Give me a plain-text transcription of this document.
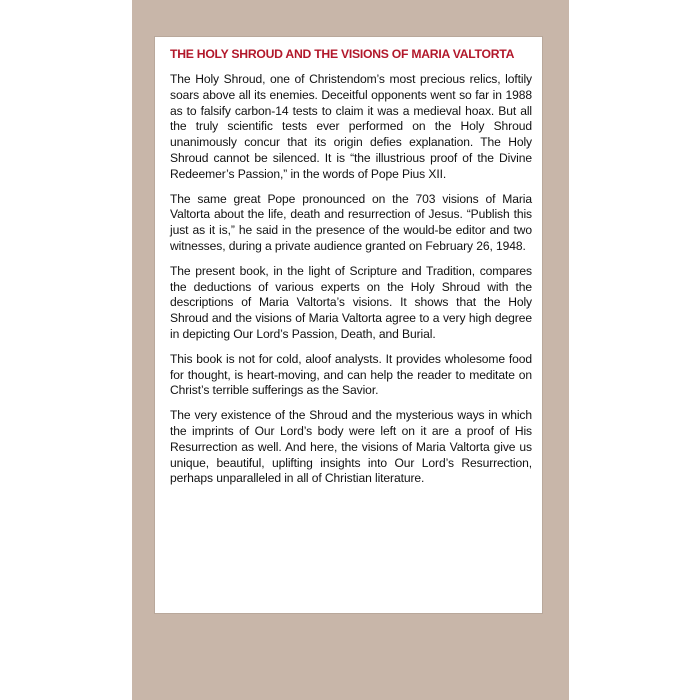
THE HOLY SHROUD AND THE VISIONS OF MARIA VALTORTA

The Holy Shroud, one of Christendom’s most precious relics, loftily soars above all its enemies. Deceitful opponents went so far in 1988 as to falsify carbon-14 tests to claim it was a medieval hoax. But all the truly scientific tests ever performed on the Holy Shroud unanimously concur that its origin defies explanation. The Holy Shroud cannot be silenced. It is “the illustrious proof of the Divine Redeemer’s Passion,” in the words of Pope Pius XII.

The same great Pope pronounced on the 703 visions of Maria Valtorta about the life, death and resurrection of Jesus. “Publish this just as it is,” he said in the presence of the would-be editor and two witnesses, during a private audience granted on February 26, 1948.

The present book, in the light of Scripture and Tradition, compares the deductions of various experts on the Holy Shroud with the descriptions of Maria Valtorta’s visions. It shows that the Holy Shroud and the visions of Maria Valtorta agree to a very high degree in depicting Our Lord’s Passion, Death, and Burial.

This book is not for cold, aloof analysts. It provides wholesome food for thought, is heart-moving, and can help the reader to meditate on Christ’s terrible sufferings as the Savior.

The very existence of the Shroud and the mysterious ways in which the imprints of Our Lord’s body were left on it are a proof of His Resurrection as well. And here, the visions of Maria Valtorta give us unique, beautiful, uplifting insights into Our Lord’s Resurrection, perhaps unparalleled in all of Christian literature.
